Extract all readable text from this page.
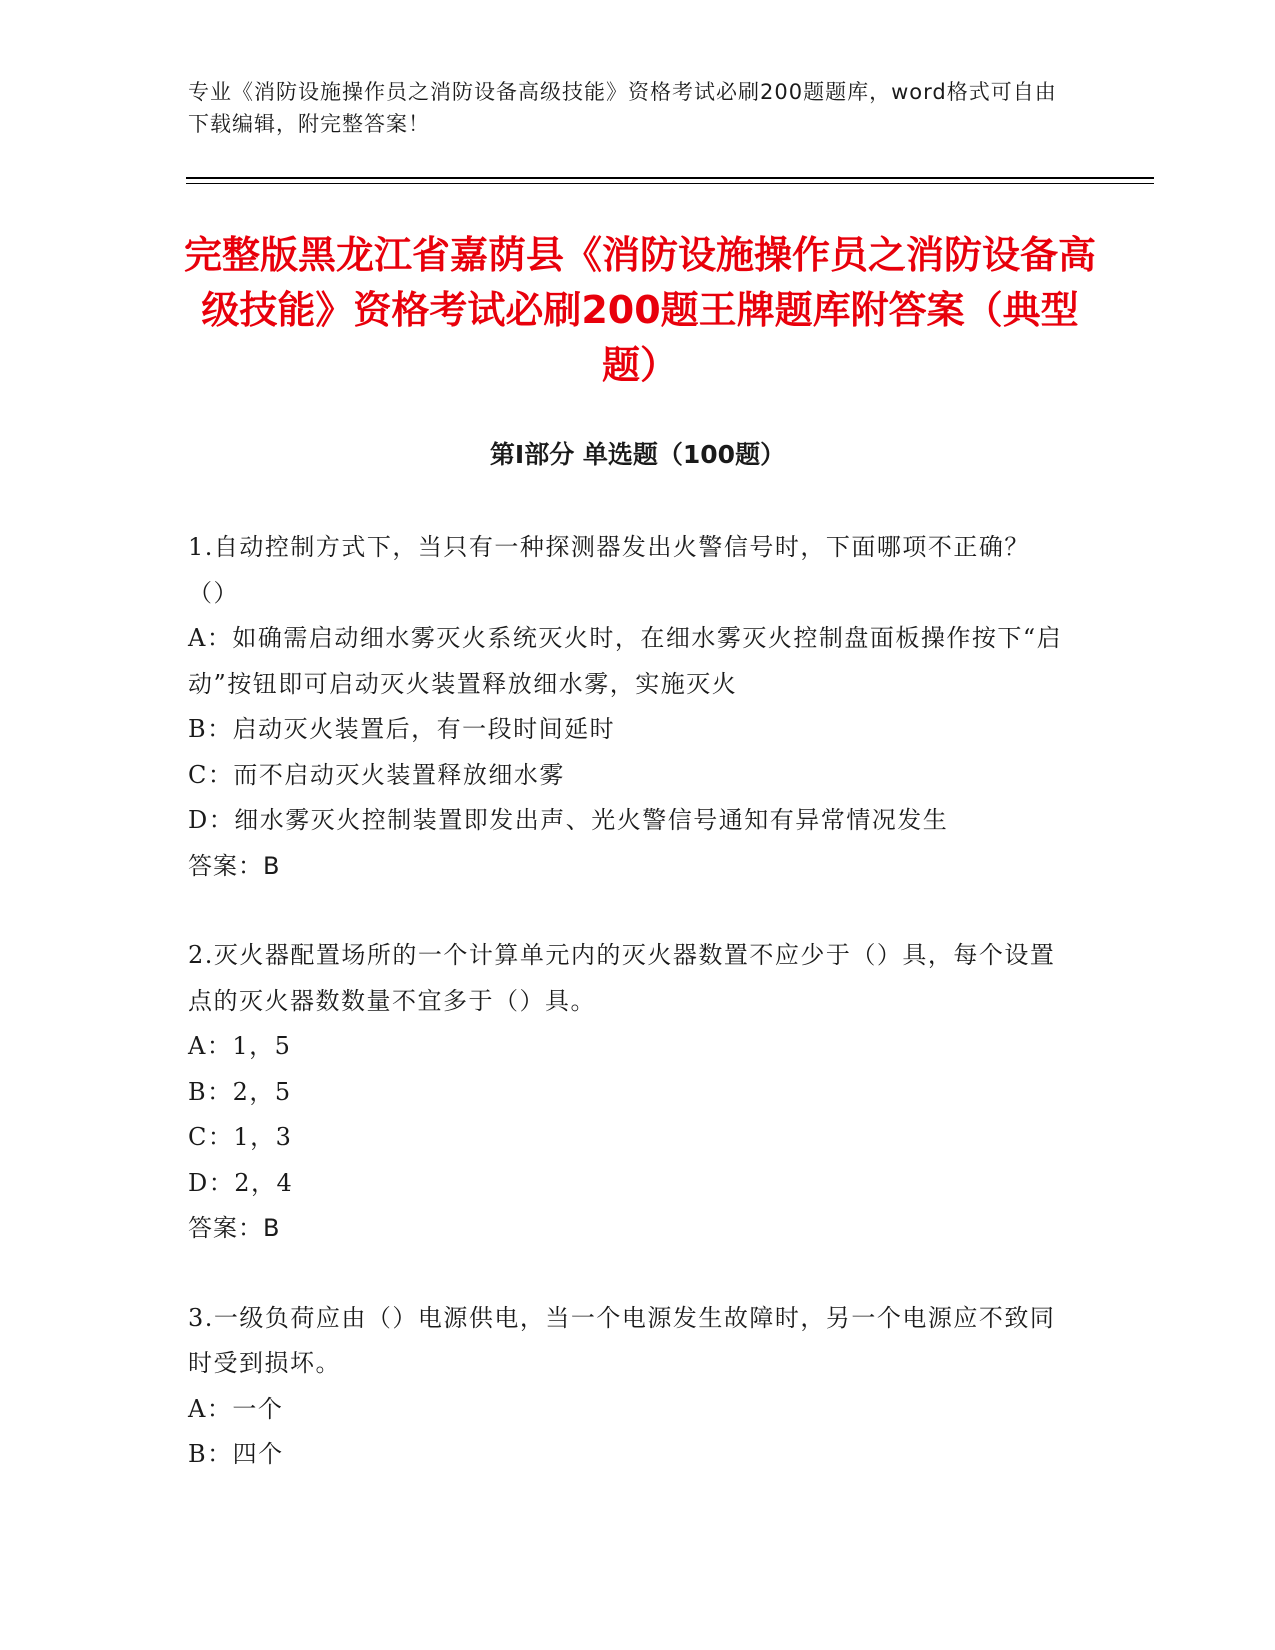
专业《消防设施操作员之消防设备高级技能》资格考试必刷200题题库，word格式可自由下载编辑，附完整答案！
完整版黑龙江省嘉荫县《消防设施操作员之消防设备高级技能》资格考试必刷200题王牌题库附答案（典型题）
第Ⅰ部分 单选题（100题）
1.自动控制方式下，当只有一种探测器发出火警信号时，下面哪项不正确？（）
A：如确需启动细水雾灭火系统灭火时，在细水雾灭火控制盘面板操作按下“启动”按钮即可启动灭火装置释放细水雾，实施灭火
B：启动灭火装置后，有一段时间延时
C：而不启动灭火装置释放细水雾
D：细水雾灭火控制装置即发出声、光火警信号通知有异常情况发生
答案：B
2.灭火器配置场所的一个计算单元内的灭火器数置不应少于（）具，每个设置点的灭火器数数量不宜多于（）具。
A：1，5
B：2，5
C：1，3
D：2，4
答案：B
3.一级负荷应由（）电源供电，当一个电源发生故障时，另一个电源应不致同时受到损坏。
A：一个
B：四个
